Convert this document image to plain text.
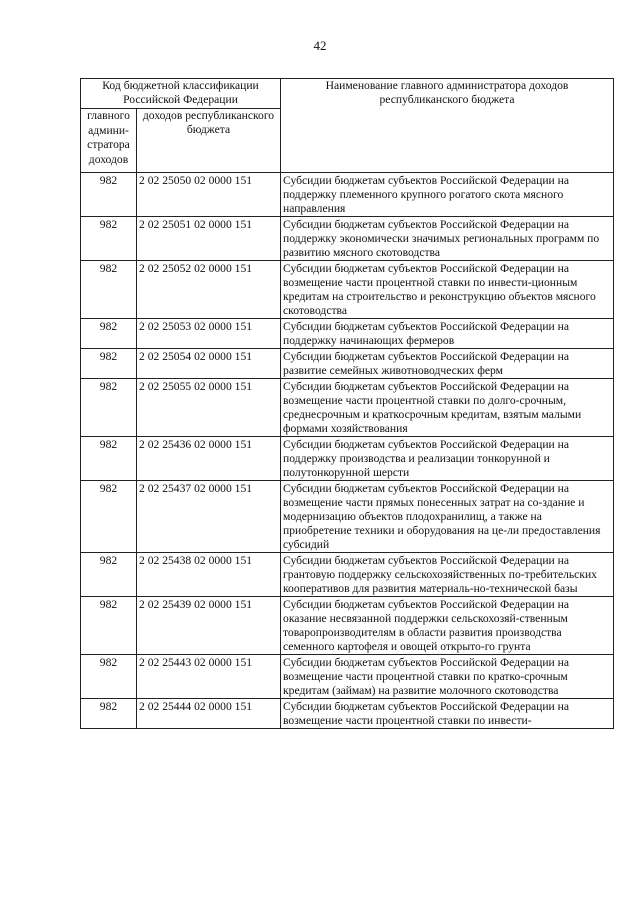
42
Код бюджетной классификации Российской Федерации		Наименование главного администратора доходов республиканского бюджета
главного админи-стратора доходов	доходов республиканского бюджета	
982	2 02 25050 02 0000 151	Субсидии бюджетам субъектов Российской Федерации на поддержку племенного крупного рогатого скота мясного направления
982	2 02 25051 02 0000 151	Субсидии бюджетам субъектов Российской Федерации на поддержку экономически значимых региональных программ по развитию мясного скотоводства
982	2 02 25052 02 0000 151	Субсидии бюджетам субъектов Российской Федерации на возмещение части процентной ставки по инвести-ционным кредитам на строительство и реконструкцию объектов мясного скотоводства
982	2 02 25053 02 0000 151	Субсидии бюджетам субъектов Российской Федерации на поддержку начинающих фермеров
982	2 02 25054 02 0000 151	Субсидии бюджетам субъектов Российской Федерации на развитие семейных животноводческих ферм
982	2 02 25055 02 0000 151	Субсидии бюджетам субъектов Российской Федерации на возмещение части процентной ставки по долго-срочным, среднесрочным и краткосрочным кредитам, взятым малыми формами хозяйствования
982	2 02 25436 02 0000 151	Субсидии бюджетам субъектов Российской Федерации на поддержку производства и реализации тонкорунной и полутонкорунной шерсти
982	2 02 25437 02 0000 151	Субсидии бюджетам субъектов Российской Федерации на возмещение части прямых понесенных затрат на со-здание и модернизацию объектов плодохранилищ, а также на приобретение техники и оборудования на це-ли предоставления субсидий
982	2 02 25438 02 0000 151	Субсидии бюджетам субъектов Российской Федерации на грантовую поддержку сельскохозяйственных по-требительских кооперативов для развития материаль-но-технической базы
982	2 02 25439 02 0000 151	Субсидии бюджетам субъектов Российской Федерации на оказание несвязанной поддержки сельскохозяй-ственным товаропроизводителям в области развития производства семенного картофеля и овощей открыто-го грунта
982	2 02 25443 02 0000 151	Субсидии бюджетам субъектов Российской Федерации на возмещение части процентной ставки по кратко-срочным кредитам (займам) на развитие молочного скотоводства
982	2 02 25444 02 0000 151	Субсидии бюджетам субъектов Российской Федерации на возмещение части процентной ставки по инвести-
